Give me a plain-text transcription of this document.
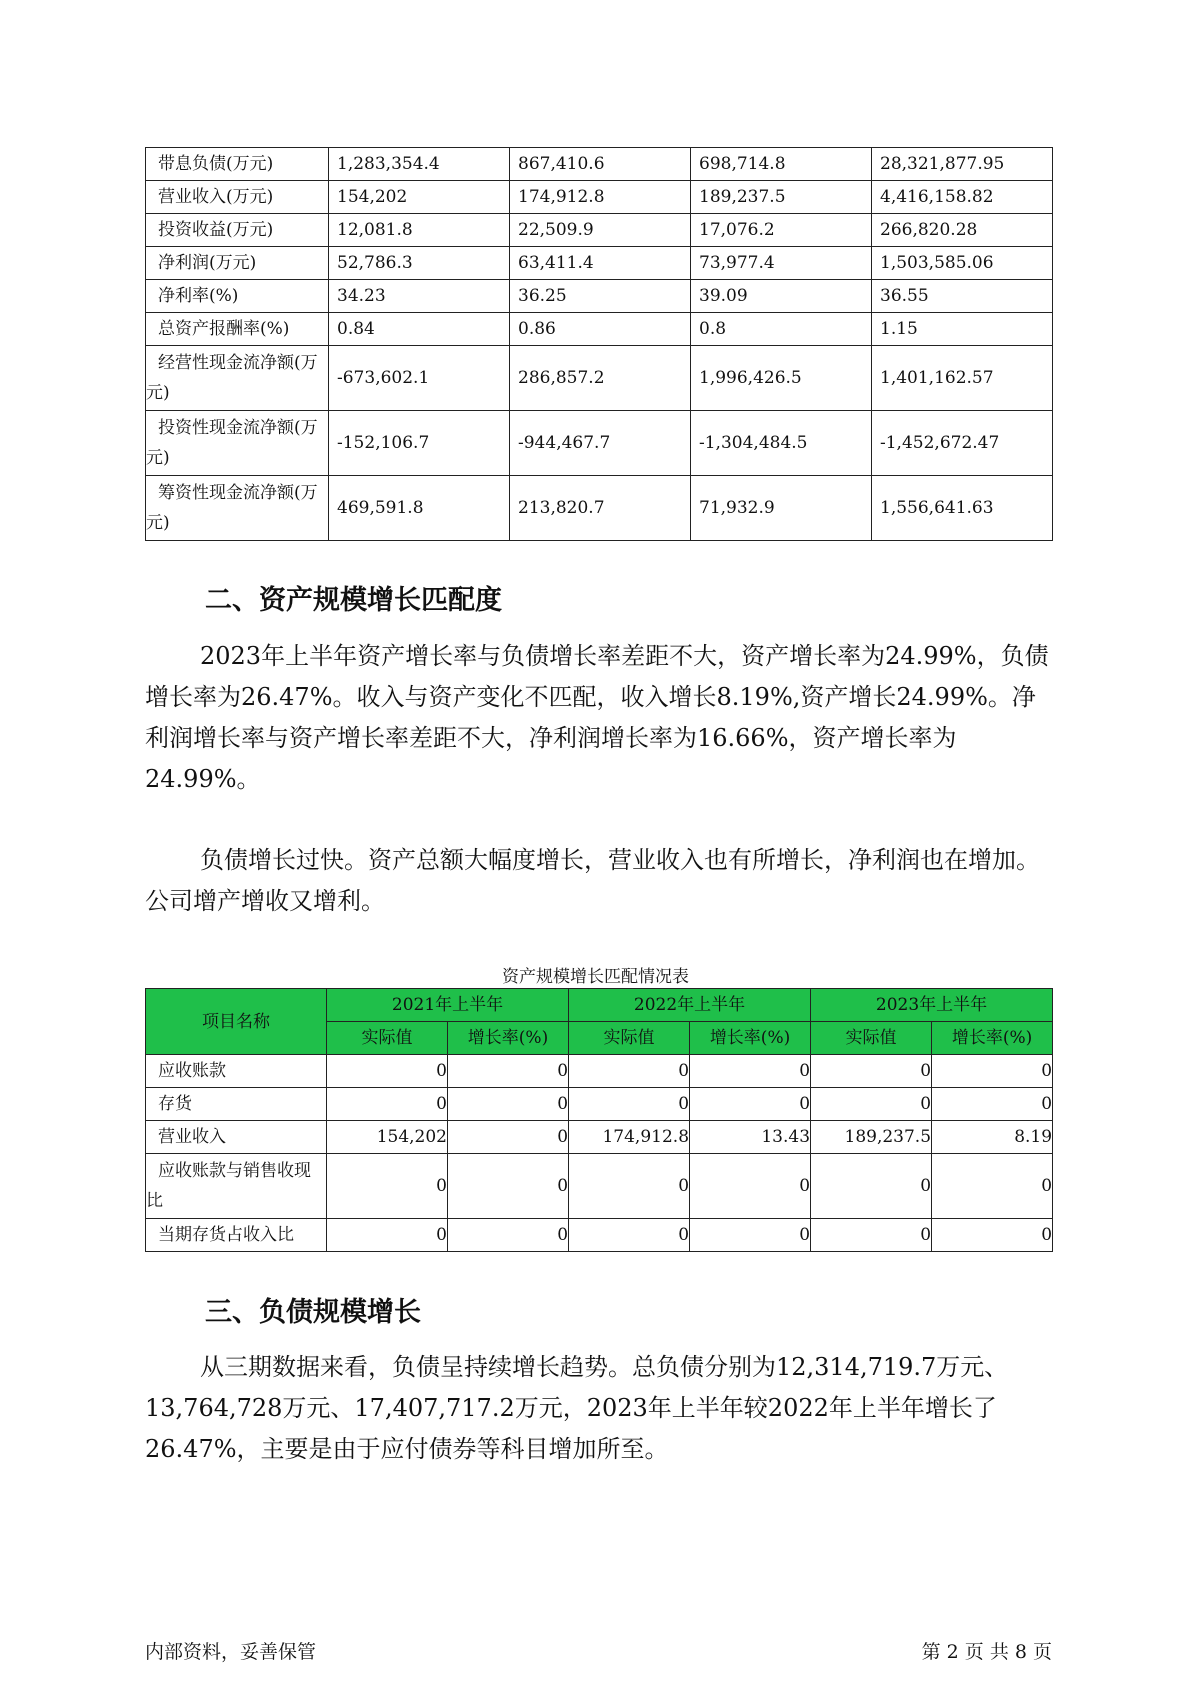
带息负债(万元)	1,283,354.4	867,410.6	698,714.8	28,321,877.95
营业收入(万元)	154,202	174,912.8	189,237.5	4,416,158.82
投资收益(万元)	12,081.8	22,509.9	17,076.2	266,820.28
净利润(万元)	52,786.3	63,411.4	73,977.4	1,503,585.06
净利率(%)	34.23	36.25	39.09	36.55
总资产报酬率(%)	0.84	0.86	0.8	1.15
经营性现金流净额(万元)	-673,602.1	286,857.2	1,996,426.5	1,401,162.57
投资性现金流净额(万元)	-152,106.7	-944,467.7	-1,304,484.5	-1,452,672.47
筹资性现金流净额(万元)	469,591.8	213,820.7	71,932.9	1,556,641.63
二、资产规模增长匹配度

2023年上半年资产增长率与负债增长率差距不大，资产增长率为24.99%，负债增长率为26.47%。收入与资产变化不匹配，收入增长8.19%,资产增长24.99%。净利润增长率与资产增长率差距不大，净利润增长率为16.66%，资产增长率为24.99%。

负债增长过快。资产总额大幅度增长，营业收入也有所增长，净利润也在增加。公司增产增收又增利。

资产规模增长匹配情况表

项目名称	2021年上半年		2022年上半年		2023年上半年	
	实际值	增长率(%)	实际值	增长率(%)	实际值	增长率(%)
应收账款	0	0	0	0	0	0
存货	0	0	0	0	0	0
营业收入	154,202	0	174,912.8	13.43	189,237.5	8.19
应收账款与销售收现比	0	0	0	0	0	0
当期存货占收入比	0	0	0	0	0	0
三、负债规模增长

从三期数据来看，负债呈持续增长趋势。总负债分别为12,314,719.7万元、13,764,728万元、17,407,717.2万元，2023年上半年较2022年上半年增长了26.47%，主要是由于应付债券等科目增加所至。

内部资料，妥善保管	第 2 页 共 8 页
